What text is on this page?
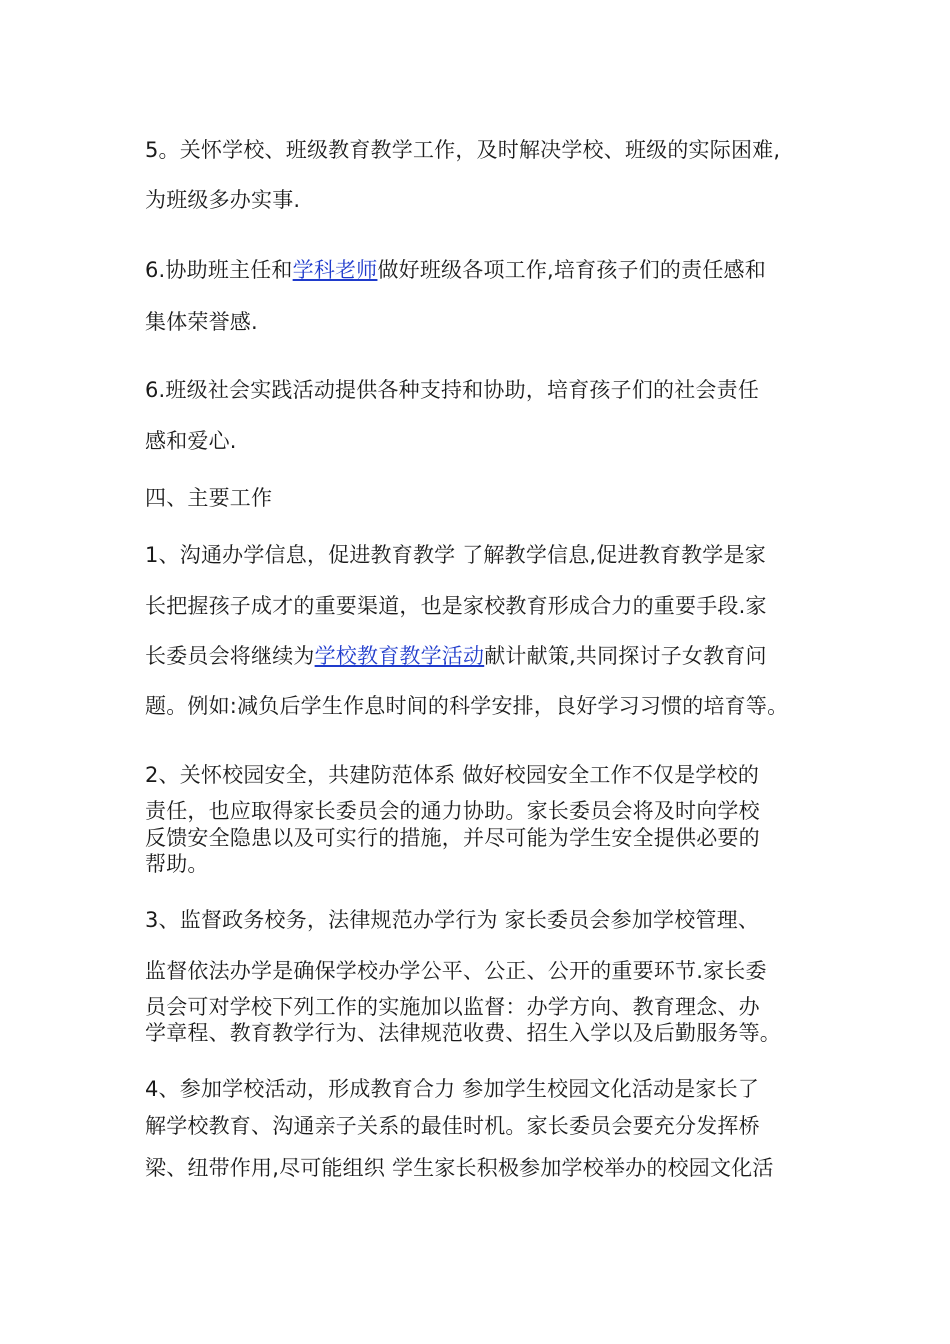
5。关怀学校、班级教育教学工作，及时解决学校、班级的实际困难,
为班级多办实事.
6.协助班主任和学科老师做好班级各项工作,培育孩子们的责任感和
集体荣誉感.
6.班级社会实践活动提供各种支持和协助，培育孩子们的社会责任
感和爱心.
四、主要工作
1、沟通办学信息，促进教育教学 了解教学信息,促进教育教学是家
长把握孩子成才的重要渠道，也是家校教育形成合力的重要手段.家
长委员会将继续为学校教育教学活动献计献策,共同探讨子女教育问
题。例如:减负后学生作息时间的科学安排，良好学习习惯的培育等。
2、关怀校园安全，共建防范体系 做好校园安全工作不仅是学校的
责任，也应取得家长委员会的通力协助。家长委员会将及时向学校
反馈安全隐患以及可实行的措施，并尽可能为学生安全提供必要的
帮助。
3、监督政务校务，法律规范办学行为 家长委员会参加学校管理、
监督依法办学是确保学校办学公平、公正、公开的重要环节.家长委
员会可对学校下列工作的实施加以监督：办学方向、教育理念、办
学章程、教育教学行为、法律规范收费、招生入学以及后勤服务等。
4、参加学校活动，形成教育合力 参加学生校园文化活动是家长了
解学校教育、沟通亲子关系的最佳时机。家长委员会要充分发挥桥
梁、纽带作用,尽可能组织 学生家长积极参加学校举办的校园文化活
